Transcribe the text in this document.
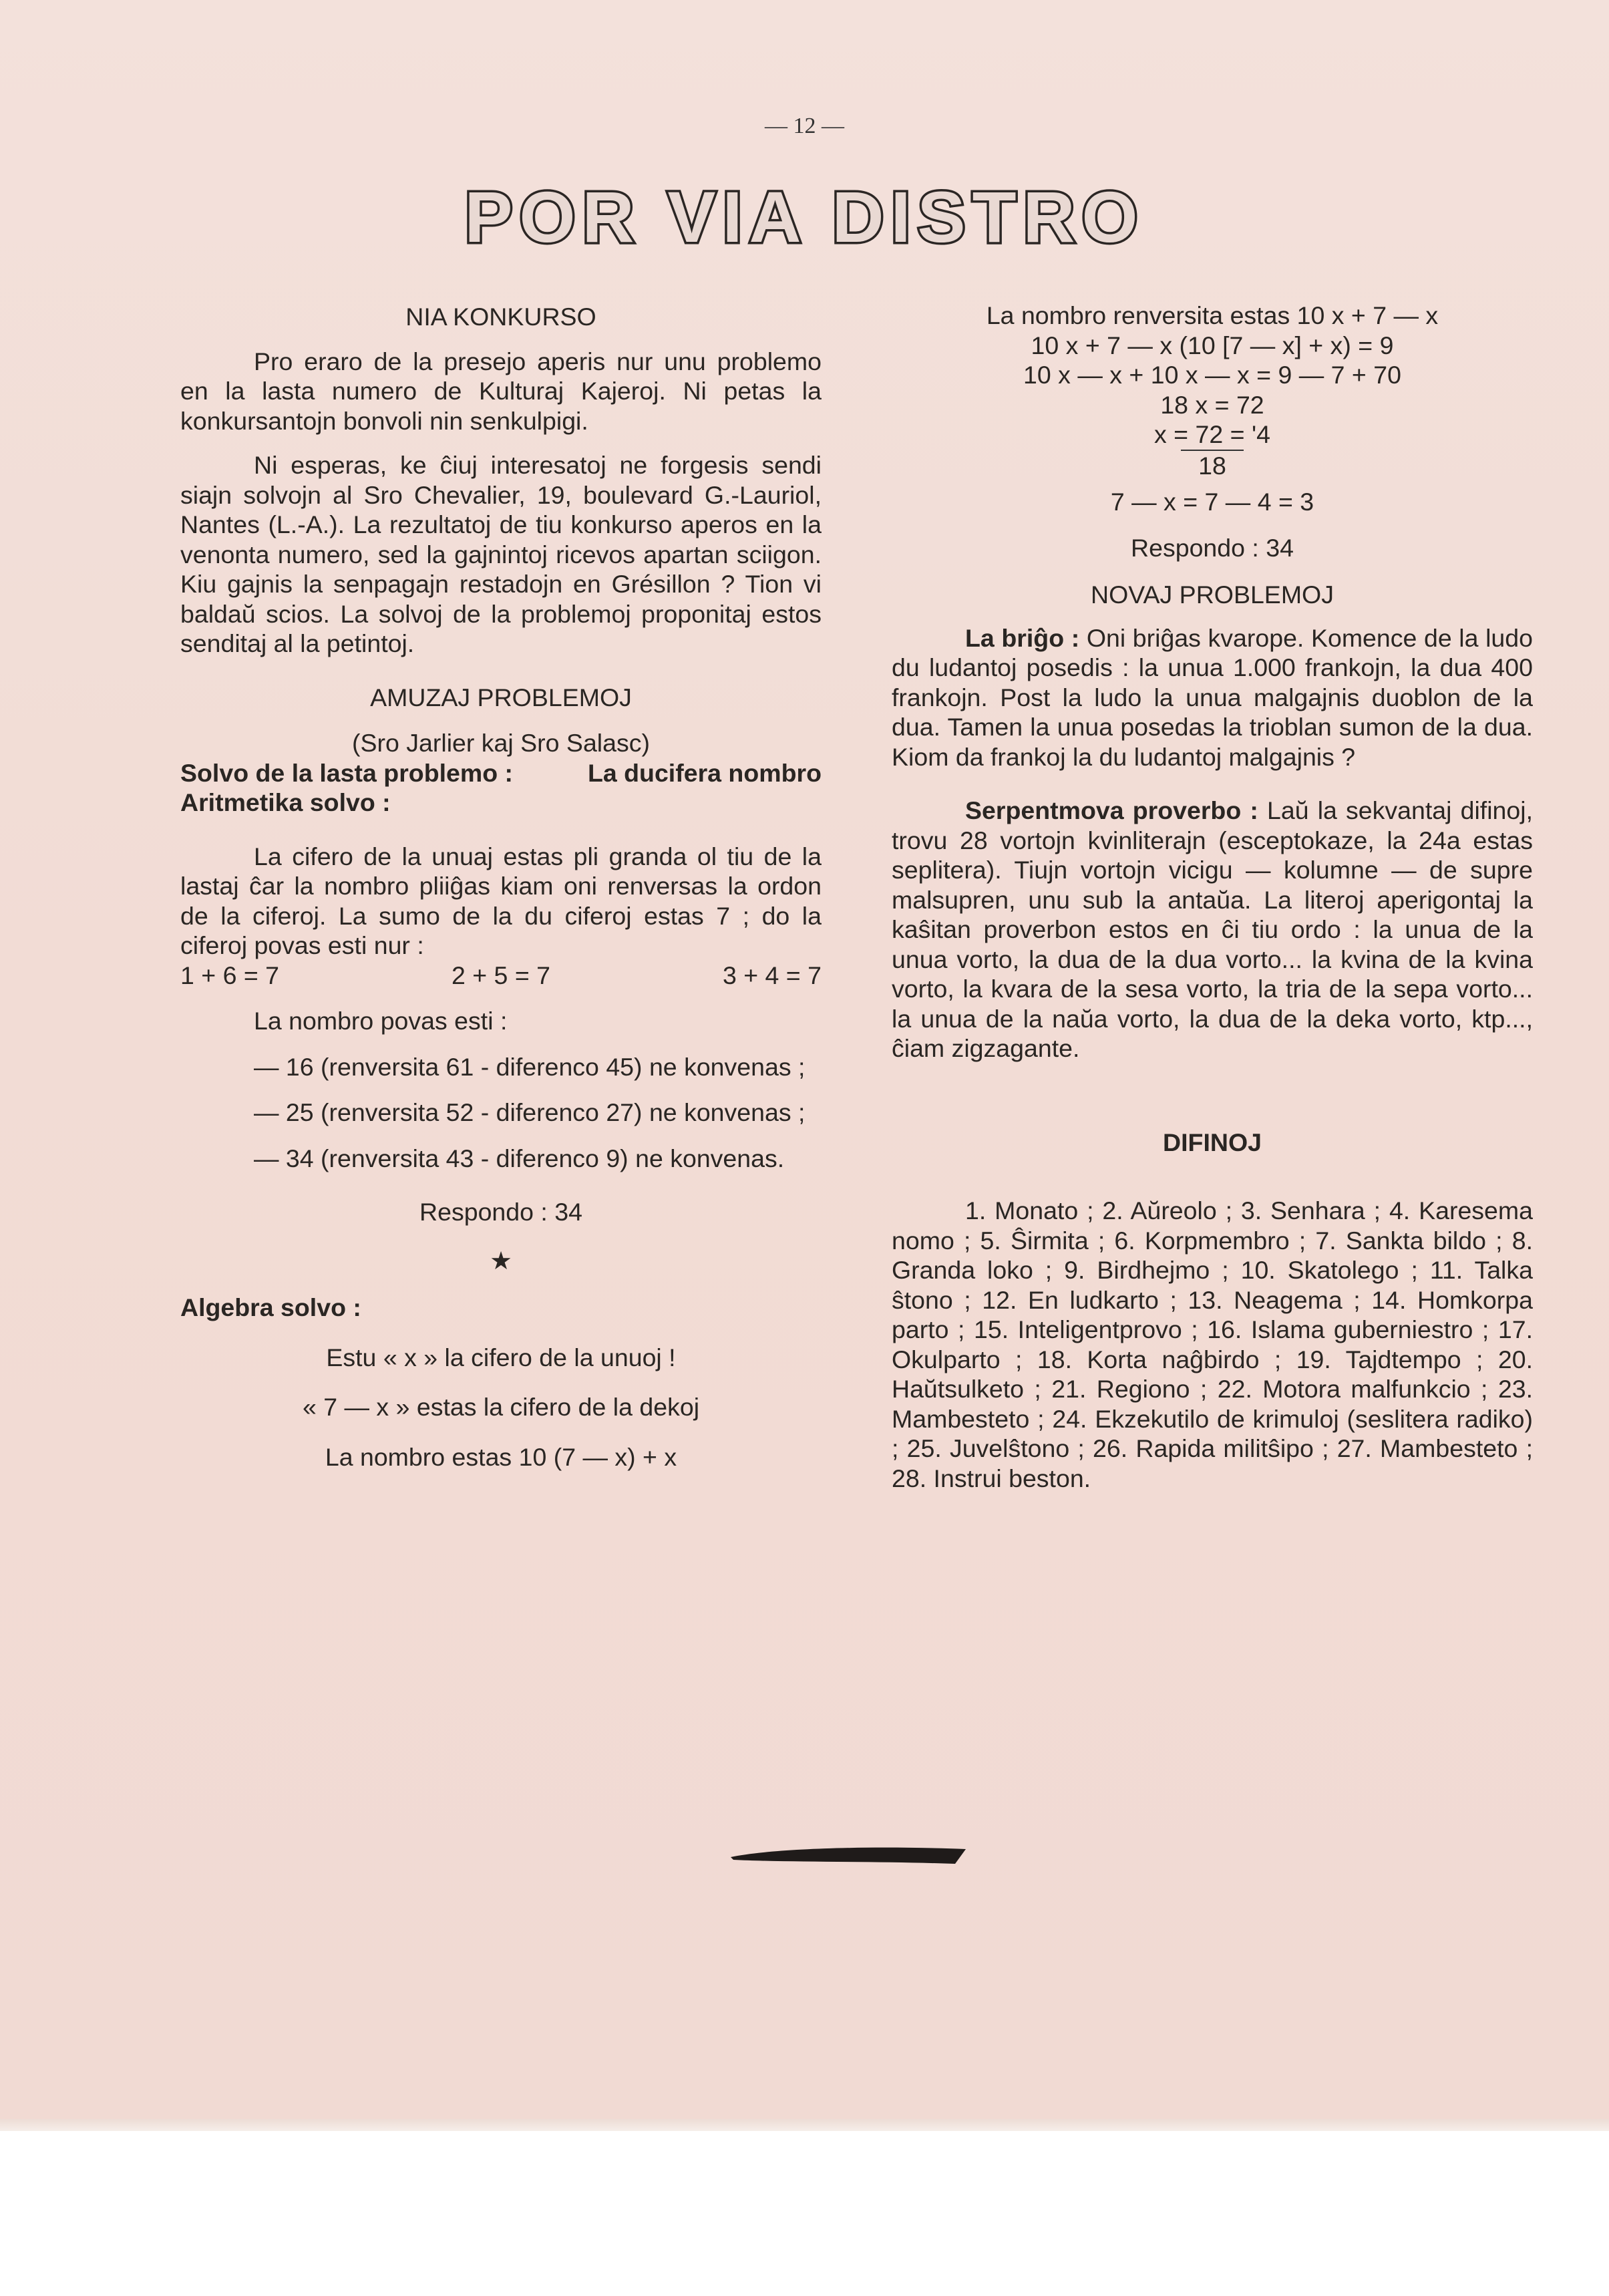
— 12 —
POR VIA DISTRO

NIA KONKURSO

Pro eraro de la presejo aperis nur unu problemo en la lasta numero de Kulturaj Kajeroj. Ni petas la konkursantojn bonvoli nin senkulpigi.

Ni esperas, ke ĉiuj interesatoj ne forgesis sendi siajn solvojn al Sro Chevalier, 19, boulevard G.-Lauriol, Nantes (L.-A.). La rezultatoj de tiu konkurso aperos en la venonta numero, sed la gajnintoj ricevos apartan sciigon. Kiu gajnis la senpagajn restadojn en Grésillon ? Tion vi baldaŭ scios. La solvoj de la problemoj proponitaj estos senditaj al la petintoj.

AMUZAJ PROBLEMOJ

(Sro Jarlier kaj Sro Salasc)

Solvo de la lasta problemo :	La ducifera nombro

Aritmetika solvo :

La cifero de la unuaj estas pli granda ol tiu de la lastaj ĉar la nombro pliiĝas kiam oni renversas la ordon de la ciferoj. La sumo de la du ciferoj estas 7 ; do la ciferoj povas esti nur :

1 + 6 = 7	2 + 5 = 7	3 + 4 = 7

La nombro povas esti :

— 16 (renversita 61 - diferenco 45) ne konvenas ;

— 25 (renversita 52 - diferenco 27) ne konvenas ;

— 34 (renversita 43 - diferenco 9) ne konvenas.

Respondo : 34

★

Algebra solvo :

Estu « x » la cifero de la unuoj !

« 7 — x » estas la cifero de la dekoj

La nombro estas 10 (7 — x) + x

La nombro renversita estas 10 x + 7 — x

10 x + 7 — x (10 [7 — x] + x) = 9

10 x — x + 10 x — x = 9 — 7 + 70

18 x = 72

x = 72 = '4

18

7 — x = 7 — 4 = 3

Respondo : 34

NOVAJ PROBLEMOJ

La briĝo : Oni briĝas kvarope. Komence de la ludo du ludantoj posedis : la unua 1.000 frankojn, la dua 400 frankojn. Post la ludo la unua malgajnis duoblon de la dua. Tamen la unua posedas la trioblan sumon de la dua. Kiom da frankoj la du ludantoj malgajnis ?

Serpentmova proverbo : Laŭ la sekvantaj difinoj, trovu 28 vortojn kvinliterajn (esceptokaze, la 24a estas seplitera). Tiujn vortojn vicigu — kolumne — de supre malsupren, unu sub la antaŭa. La literoj aperigontaj la kaŝitan proverbon estos en ĉi tiu ordo : la unua de la unua vorto, la dua de la dua vorto... la kvina de la kvina vorto, la kvara de la sesa vorto, la tria de la sepa vorto... la unua de la naŭa vorto, la dua de la deka vorto, ktp..., ĉiam zigzagante.

DIFINOJ

1. Monato ; 2. Aŭreolo ; 3. Senhara ; 4. Karesema nomo ; 5. Ŝirmita ; 6. Korpmembro ; 7. Sankta bildo ; 8. Granda loko ; 9. Birdhejmo ; 10. Skatolego ; 11. Talka ŝtono ; 12. En ludkarto ; 13. Neagema ; 14. Homkorpa parto ; 15. Inteligentprovo ; 16. Islama guberniestro ; 17. Okulparto ; 18. Korta naĝbirdo ; 19. Tajdtempo ; 20. Haŭtsulketo ; 21. Regiono ; 22. Motora malfunkcio ; 23. Mambesteto ; 24. Ekzekutilo de krimuloj (seslitera radiko) ; 25. Juvelŝtono ; 26. Rapida militŝipo ; 27. Mambesteto ; 28. Instrui beston.
